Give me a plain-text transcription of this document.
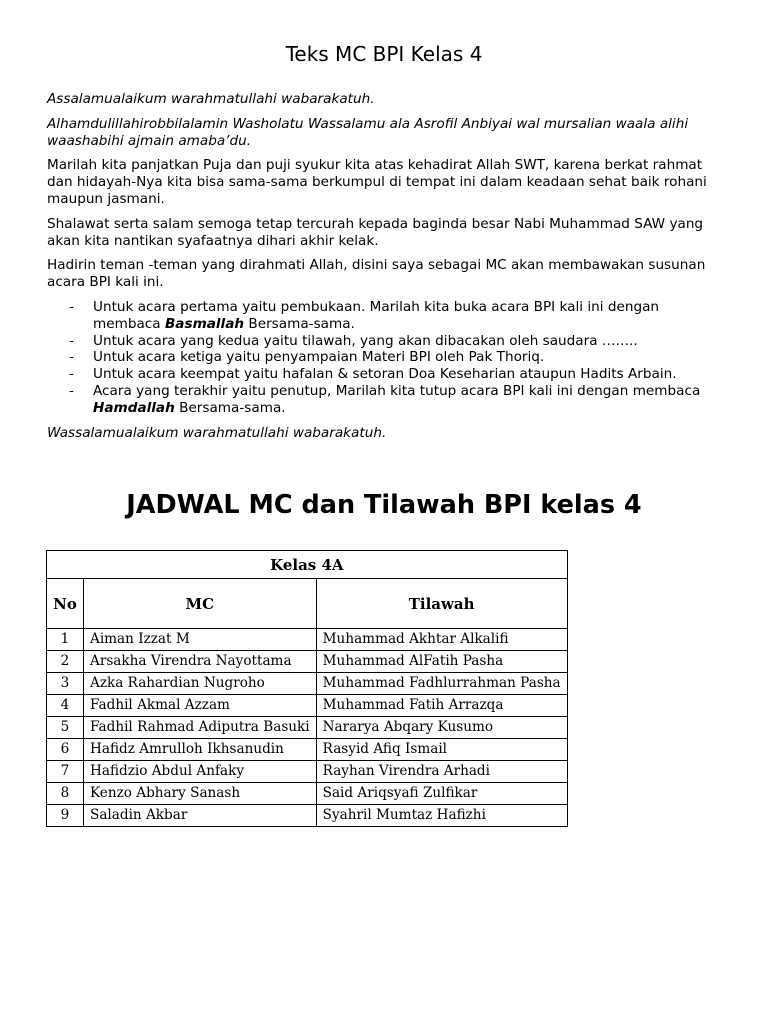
Teks MC BPI Kelas 4

Assalamualaikum warahmatullahi wabarakatuh.

Alhamdulillahirobbilalamin Washolatu Wassalamu ala Asrofil Anbiyai wal mursalian waala alihi waashabihi ajmain amaba’du.

Marilah kita panjatkan Puja dan puji syukur kita atas kehadirat Allah SWT, karena berkat rahmat dan hidayah-Nya kita bisa sama-sama berkumpul di tempat ini dalam keadaan sehat baik rohani maupun jasmani.

Shalawat serta salam semoga tetap tercurah kepada baginda besar Nabi Muhammad SAW yang akan kita nantikan syafaatnya dihari akhir kelak.

Hadirin teman -teman yang dirahmati Allah, disini saya sebagai MC akan membawakan susunan acara BPI kali ini.

- Untuk acara pertama yaitu pembukaan. Marilah kita buka acara BPI kali ini dengan membaca Basmallah Bersama-sama.
- Untuk acara yang kedua yaitu tilawah, yang akan dibacakan oleh saudara ……..
- Untuk acara ketiga yaitu penyampaian Materi BPI oleh Pak Thoriq.
- Untuk acara keempat yaitu hafalan & setoran Doa Keseharian ataupun Hadits Arbain.
- Acara yang terakhir yaitu penutup, Marilah kita tutup acara BPI kali ini dengan membaca Hamdallah Bersama-sama.

Wassalamualaikum warahmatullahi wabarakatuh.

JADWAL MC dan Tilawah BPI kelas 4
Kelas 4A		
No	MC	Tilawah
1	Aiman Izzat M	Muhammad Akhtar Alkalifi
2	Arsakha Virendra Nayottama	Muhammad AlFatih Pasha
3	Azka Rahardian Nugroho	Muhammad Fadhlurrahman Pasha
4	Fadhil Akmal Azzam	Muhammad Fatih Arrazqa
5	Fadhil Rahmad Adiputra Basuki	Nararya Abqary Kusumo
6	Hafidz Amrulloh Ikhsanudin	Rasyid Afiq Ismail
7	Hafidzio Abdul Anfaky	Rayhan Virendra Arhadi
8	Kenzo Abhary Sanash	Said Ariqsyafi Zulfikar
9	Saladin Akbar	Syahril Mumtaz Hafizhi
